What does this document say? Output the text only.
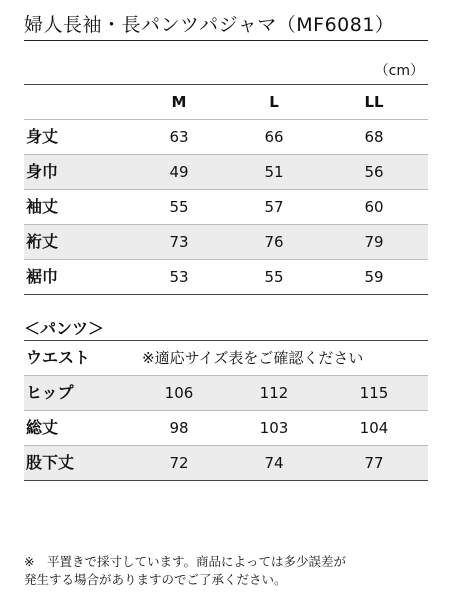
婦人長袖・長パンツパジャマ（MF6081）
（cm）
M	L	LL
身丈	63	66	68
身巾	49	51	56
袖丈	55	57	60
裄丈	73	76	79
裾巾	53	55	59
＜パンツ＞
ウエスト	※適応サイズ表をご確認ください
ヒップ	106	112	115
総丈	98	103	104
股下丈	72	74	77
※　平置きで採寸しています。商品によっては多少誤差が
発生する場合がありますのでご了承ください。
